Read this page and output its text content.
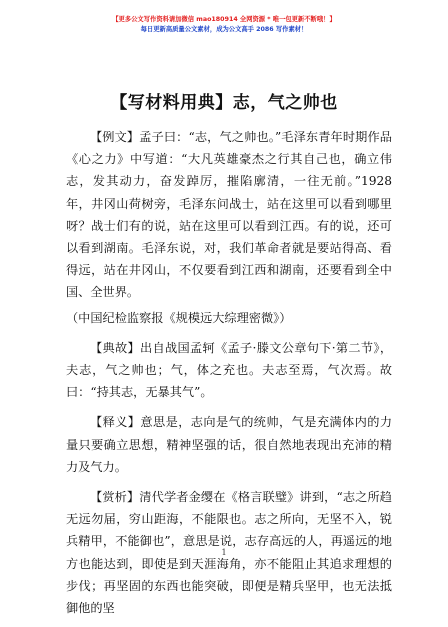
【更多公文写作资料请加微信 mao180914 全网资源 * 唯一包更新不断哦！】
每日更新高质量公文素材，成为公文高手 2086 写作素材！
【写材料用典】志，气之帅也

【例文】孟子曰：“志，气之帅也。”毛泽东青年时期作品《心之力》中写道：“大凡英雄豪杰之行其自己也，确立伟志，发其动力，奋发踔厉，摧陷廓清，一往无前。”1928 年，井冈山荷树旁，毛泽东问战士，站在这里可以看到哪里呀？战士们有的说，站在这里可以看到江西。有的说，还可以看到湖南。毛泽东说，对，我们革命者就是要站得高、看得远，站在井冈山，不仅要看到江西和湖南，还要看到全中国、全世界。

（中国纪检监察报《规模远大综理密微》）

【典故】出自战国孟轲《孟子·滕文公章句下·第二节》，夫志，气之帅也；气，体之充也。夫志至焉，气次焉。故曰：“持其志，无暴其气”。

【释义】意思是，志向是气的统帅，气是充满体内的力量只要确立思想，精神坚强的话，很自然地表现出充沛的精力及气力。

【赏析】清代学者金缨在《格言联璧》讲到，“志之所趋无远勿届，穷山距海，不能限也。志之所向，无坚不入，锐兵精甲，不能御也”，意思是说，志存高远的人，再遥远的地方也能达到，即使是到天涯海角，亦不能阻止其追求理想的步伐；再坚固的东西也能突破，即便是精兵坚甲，也无法抵御他的坚

1
